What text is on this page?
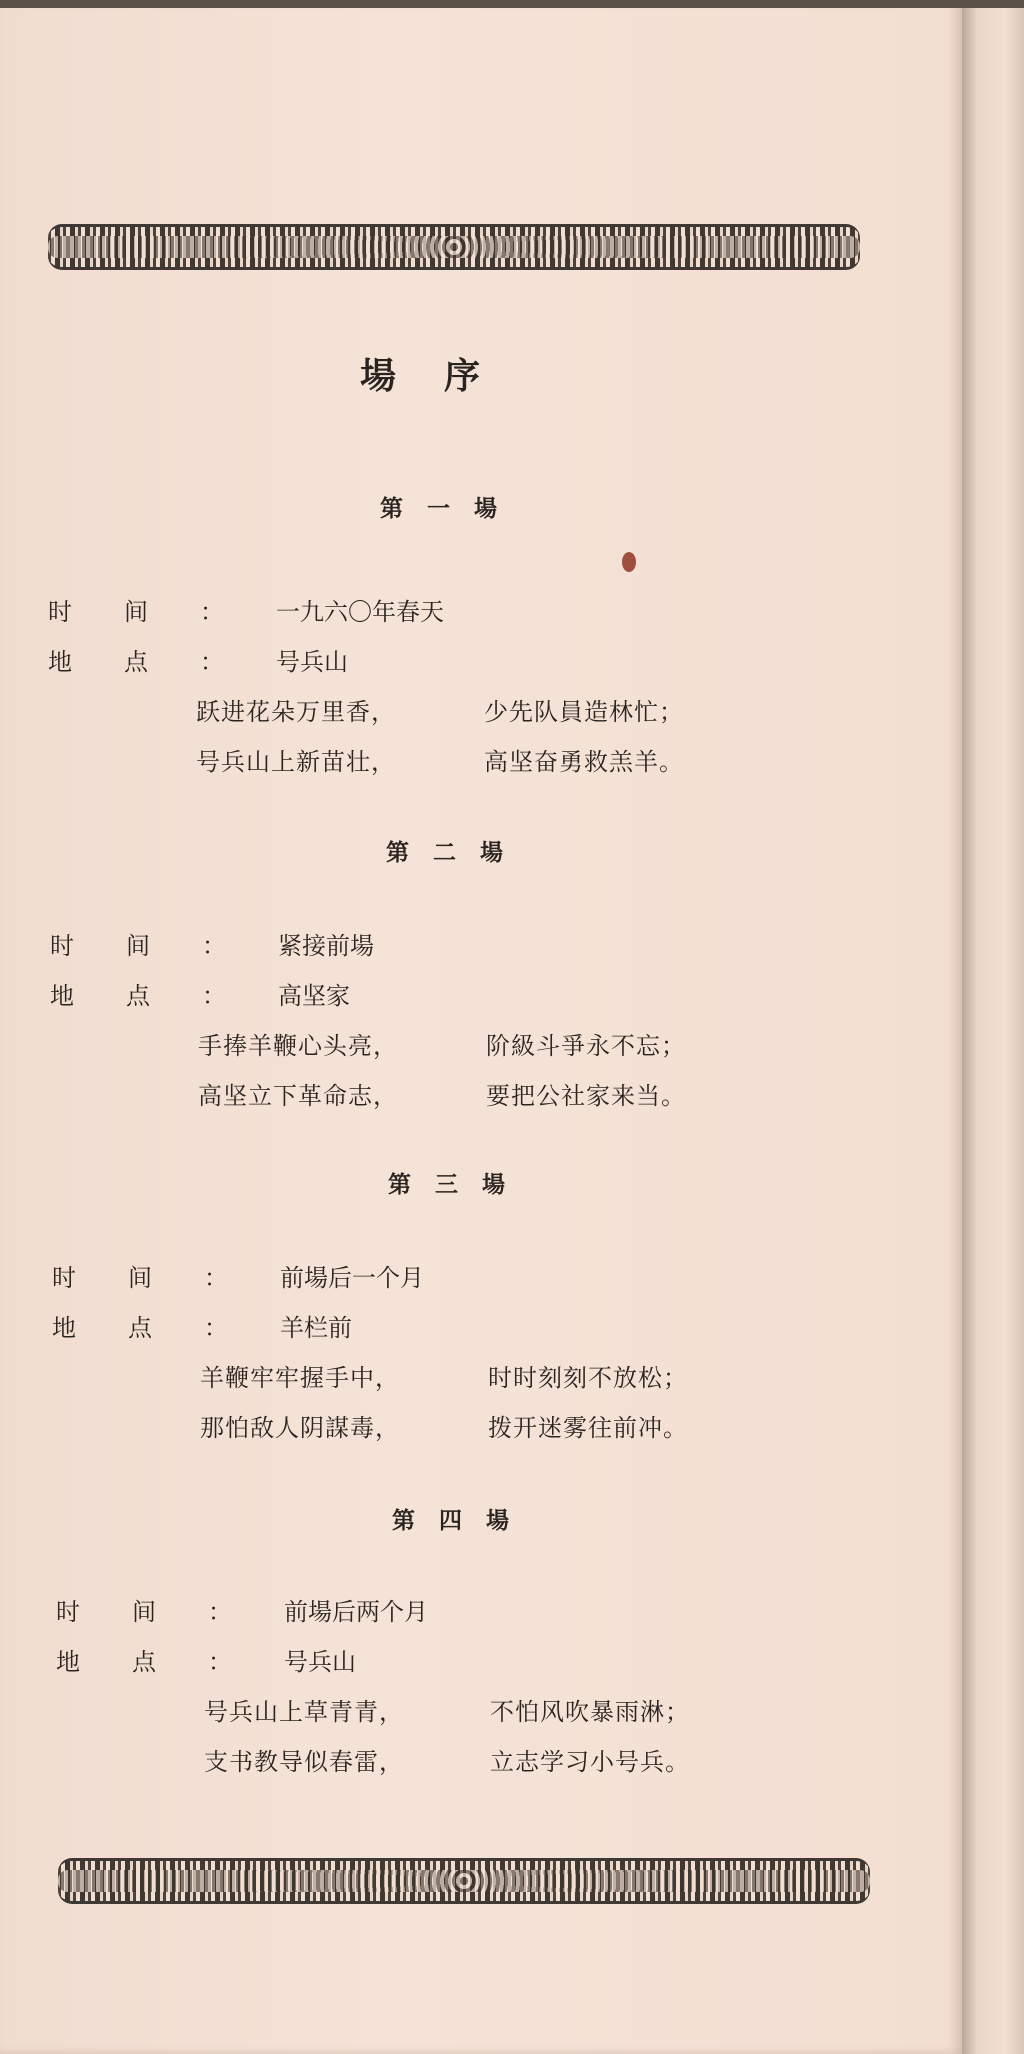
場序
第一場
时间：一九六〇年春天
地点：号兵山
跃进花朵万里香，	少先队員造林忙；
号兵山上新苗壮，	高坚奋勇救羔羊。
第二場
时间：紧接前場
地点：高坚家
手捧羊鞭心头亮，	阶級斗爭永不忘；
高坚立下革命志，	要把公社家来当。
第三場
时间：前場后一个月
地点：羊栏前
羊鞭牢牢握手中，	时时刻刻不放松；
那怕敌人阴謀毒，	拨开迷雾往前冲。
第四場
时间：前場后两个月
地点：号兵山
号兵山上草青青，	不怕风吹暴雨淋；
支书教导似春雷，	立志学习小号兵。
